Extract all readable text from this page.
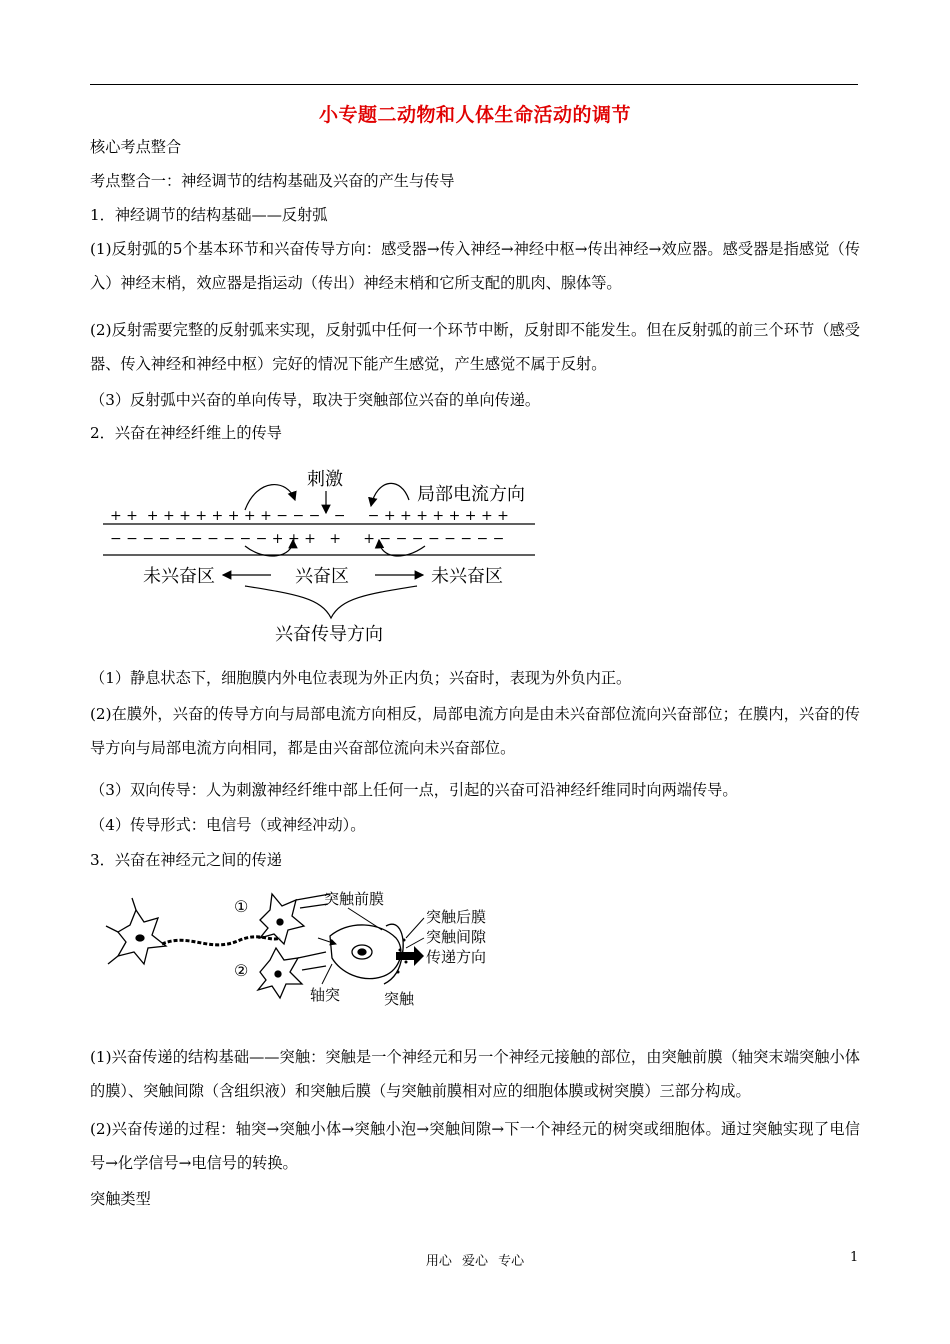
小专题二动物和人体生命活动的调节
核心考点整合
考点整合一：神经调节的结构基础及兴奋的产生与传导
1．神经调节的结构基础——反射弧
(1)反射弧的5个基本环节和兴奋传导方向：感受器→传入神经→神经中枢→传出神经→效应器。感受器是指感觉（传入）神经末梢，效应器是指运动（传出）神经末梢和它所支配的肌肉、腺体等。
(2)反射需要完整的反射弧来实现，反射弧中任何一个环节中断，反射即不能发生。但在反射弧的前三个环节（感受器、传入神经和神经中枢）完好的情况下能产生感觉，产生感觉不属于反射。
（3）反射弧中兴奋的单向传导，取决于突触部位兴奋的单向传递。
2．兴奋在神经纤维上的传导
刺激
局部电流方向
+ +  + + + + + + + + − − −   −     − + + + + + + + +
− − − − − − − − − − + + +   +     + − − − − − − − −
未兴奋区	兴奋区	未兴奋区
兴奋传导方向
（1）静息状态下，细胞膜内外电位表现为外正内负；兴奋时，表现为外负内正。
(2)在膜外，兴奋的传导方向与局部电流方向相反，局部电流方向是由未兴奋部位流向兴奋部位；在膜内，兴奋的传导方向与局部电流方向相同，都是由兴奋部位流向未兴奋部位。
（3）双向传导：人为刺激神经纤维中部上任何一点，引起的兴奋可沿神经纤维同时向两端传导。
（4）传导形式：电信号（或神经冲动）。
3．兴奋在神经元之间的传递
①
②
突触前膜
突触后膜
突触间隙
传递方向
轴突	突触
(1)兴奋传递的结构基础——突触：突触是一个神经元和另一个神经元接触的部位，由突触前膜（轴突末端突触小体的膜）、突触间隙（含组织液）和突触后膜（与突触前膜相对应的细胞体膜或树突膜）三部分构成。
(2)兴奋传递的过程：轴突→突触小体→突触小泡→突触间隙→下一个神经元的树突或细胞体。通过突触实现了电信号→化学信号→电信号的转换。
突触类型
用心 爱心 专心	1
